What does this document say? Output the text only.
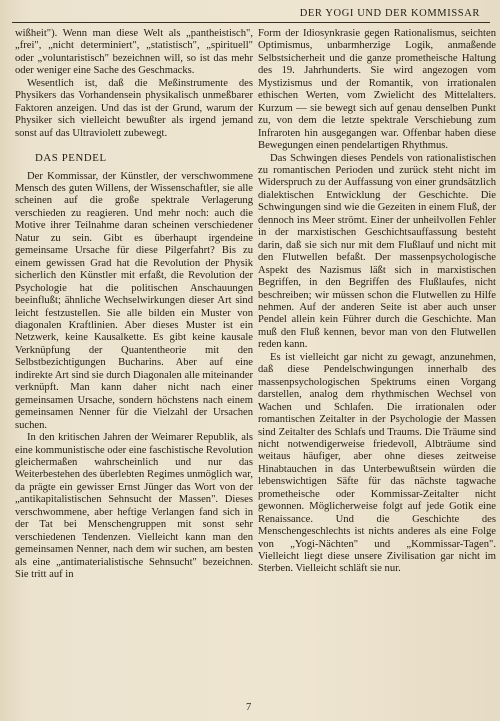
DER YOGI UND DER KOMMISSAR

wißheit"). Wenn man diese Welt als „pantheistisch", „frei", „nicht determiniert", „statistisch", „spirituell" oder „voluntaristisch" bezeichnen will, so ist das mehr oder weniger eine Sache des Geschmacks.

Wesentlich ist, daß die Meßinstrumente des Physikers das Vorhandensein physikalisch unmeßbarer Faktoren anzeigen. Und das ist der Grund, warum der Physiker sich vielleicht bewußter als irgend jemand sonst auf das Ultraviolett zubewegt.

DAS PENDEL

Der Kommissar, der Künstler, der verschwommene Mensch des guten Willens, der Wissenschaftler, sie alle scheinen auf die große spektrale Verlagerung verschieden zu reagieren. Und mehr noch: auch die Motive ihrer Teilnahme daran scheinen verschiedener Natur zu sein. Gibt es überhaupt irgendeine gemeinsame Ursache für diese Pilgerfahrt? Bis zu einem gewissen Grad hat die Revolution der Physik sicherlich den Künstler mit erfaßt, die Revolution der Psychologie hat die politischen Anschauungen beeinflußt; ähnliche Wechselwirkungen dieser Art sind leicht festzustellen. Sie alle bilden ein Muster von diagonalen Kraftlinien. Aber dieses Muster ist ein Netzwerk, keine Kausalkette. Es gibt keine kausale Verknüpfung der Quantentheorie mit den Selbstbezichtigungen Bucharins. Aber auf eine indirekte Art sind sie durch Diagonalen alle miteinander verknüpft. Man kann daher nicht nach einer gemeinsamen Ursache, sondern höchstens nach einem gemeinsamen Nenner für die Vielzahl der Ursachen suchen.

In den kritischen Jahren der Weimarer Republik, als eine kommunistische oder eine faschistische Revolution gleichermaßen wahrscheinlich und nur das Weiterbestehen des überlebten Regimes unmöglich war, da prägte ein gewisser Ernst Jünger das Wort von der „antikapitalistischen Sehnsucht der Massen". Dieses verschwommene, aber heftige Verlangen fand sich in der Tat bei Menschengruppen mit sonst sehr verschiedenen Tendenzen. Vielleicht kann man den gemeinsamen Nenner, nach dem wir suchen, am besten als eine „antimaterialistische Sehnsucht" bezeichnen. Sie tritt auf in

Form der Idiosynkrasie gegen Rationalismus, seichten Optimismus, unbarmherzige Logik, anmaßende Selbstsicherheit und die ganze prometheische Haltung des 19. Jahrhunderts. Sie wird angezogen vom Mystizismus und der Romantik, von irrationalen ethischen Werten, vom Zwielicht des Mittelalters. Kurzum — sie bewegt sich auf genau denselben Punkt zu, von dem die letzte spektrale Verschiebung zum Infraroten hin ausgegangen war. Offenbar haben diese Bewegungen einen pendelartigen Rhythmus.

Das Schwingen dieses Pendels von rationalistischen zu romantischen Perioden und zurück steht nicht im Widerspruch zu der Auffassung von einer grundsätzlich dialektischen Entwicklung der Geschichte. Die Schwingungen sind wie die Gezeiten in einem Fluß, der dennoch ins Meer strömt. Einer der unheilvollen Fehler in der marxistischen Geschichtsauffassung besteht darin, daß sie sich nur mit dem Flußlauf und nicht mit den Flutwellen befaßt. Der massenpsychologische Aspekt des Nazismus läßt sich in marxistischen Begriffen, in den Begriffen des Flußlaufes, nicht beschreiben; wir müssen schon die Flutwellen zu Hilfe nehmen. Auf der anderen Seite ist aber auch unser Pendel allein kein Führer durch die Geschichte. Man muß den Fluß kennen, bevor man von den Flutwellen reden kann.

Es ist vielleicht gar nicht zu gewagt, anzunehmen, daß diese Pendelschwingungen innerhalb des massenpsychologischen Spektrums einen Vorgang darstellen, analog dem rhythmischen Wechsel von Wachen und Schlafen. Die irrationalen oder romantischen Zeitalter in der Psychologie der Massen sind Zeitalter des Schlafs und Traums. Die Träume sind nicht notwendigerweise friedevoll, Albträume sind weitaus häufiger, aber ohne dieses zeitweise Hinabtauchen in das Unterbewußtsein würden die lebenswichtigen Säfte für das nächste tagwache prometheische oder Kommissar-Zeitalter nicht gewonnen. Möglicherweise folgt auf jede Gotik eine Renaissance. Und die Geschichte des Menschengeschlechts ist nichts anderes als eine Folge von „Yogi-Nächten" und „Kommissar-Tagen". Vielleicht liegt diese unsere Zivilisation gar nicht im Sterben. Vielleicht schläft sie nur.

7
